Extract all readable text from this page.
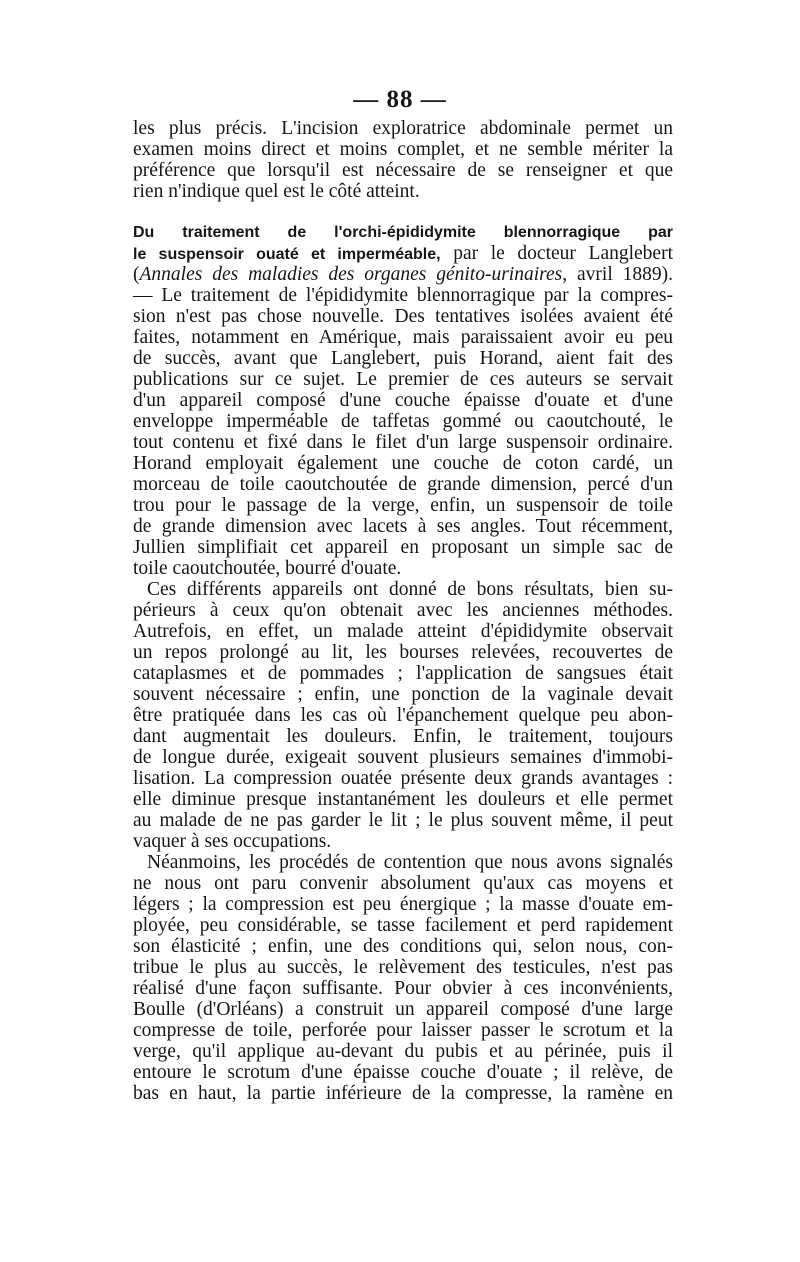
— 88 —
les plus précis. L'incision exploratrice abdominale permet un
examen moins direct et moins complet, et ne semble mériter la
préférence que lorsqu'il est nécessaire de se renseigner et que
rien n'indique quel est le côté atteint.
Du traitement de l'orchi-épididymite blennorragique par
le suspensoir ouaté et imperméable, par le docteur Langlebert
(Annales des maladies des organes génito-urinaires, avril 1889).
— Le traitement de l'épididymite blennorragique par la compres-
sion n'est pas chose nouvelle. Des tentatives isolées avaient été
faites, notamment en Amérique, mais paraissaient avoir eu peu
de succès, avant que Langlebert, puis Horand, aient fait des
publications sur ce sujet. Le premier de ces auteurs se servait
d'un appareil composé d'une couche épaisse d'ouate et d'une
enveloppe imperméable de taffetas gommé ou caoutchouté, le
tout contenu et fixé dans le filet d'un large suspensoir ordinaire.
Horand employait également une couche de coton cardé, un
morceau de toile caoutchoutée de grande dimension, percé d'un
trou pour le passage de la verge, enfin, un suspensoir de toile
de grande dimension avec lacets à ses angles. Tout récemment,
Jullien simplifiait cet appareil en proposant un simple sac de
toile caoutchoutée, bourré d'ouate.
Ces différents appareils ont donné de bons résultats, bien su-
périeurs à ceux qu'on obtenait avec les anciennes méthodes.
Autrefois, en effet, un malade atteint d'épididymite observait
un repos prolongé au lit, les bourses relevées, recouvertes de
cataplasmes et de pommades ; l'application de sangsues était
souvent nécessaire ; enfin, une ponction de la vaginale devait
être pratiquée dans les cas où l'épanchement quelque peu abon-
dant augmentait les douleurs. Enfin, le traitement, toujours
de longue durée, exigeait souvent plusieurs semaines d'immobi-
lisation. La compression ouatée présente deux grands avantages :
elle diminue presque instantanément les douleurs et elle permet
au malade de ne pas garder le lit ; le plus souvent même, il peut
vaquer à ses occupations.
Néanmoins, les procédés de contention que nous avons signalés
ne nous ont paru convenir absolument qu'aux cas moyens et
légers ; la compression est peu énergique ; la masse d'ouate em-
ployée, peu considérable, se tasse facilement et perd rapidement
son élasticité ; enfin, une des conditions qui, selon nous, con-
tribue le plus au succès, le relèvement des testicules, n'est pas
réalisé d'une façon suffisante. Pour obvier à ces inconvénients,
Boulle (d'Orléans) a construit un appareil composé d'une large
compresse de toile, perforée pour laisser passer le scrotum et la
verge, qu'il applique au-devant du pubis et au périnée, puis il
entoure le scrotum d'une épaisse couche d'ouate ; il relève, de
bas en haut, la partie inférieure de la compresse, la ramène en
